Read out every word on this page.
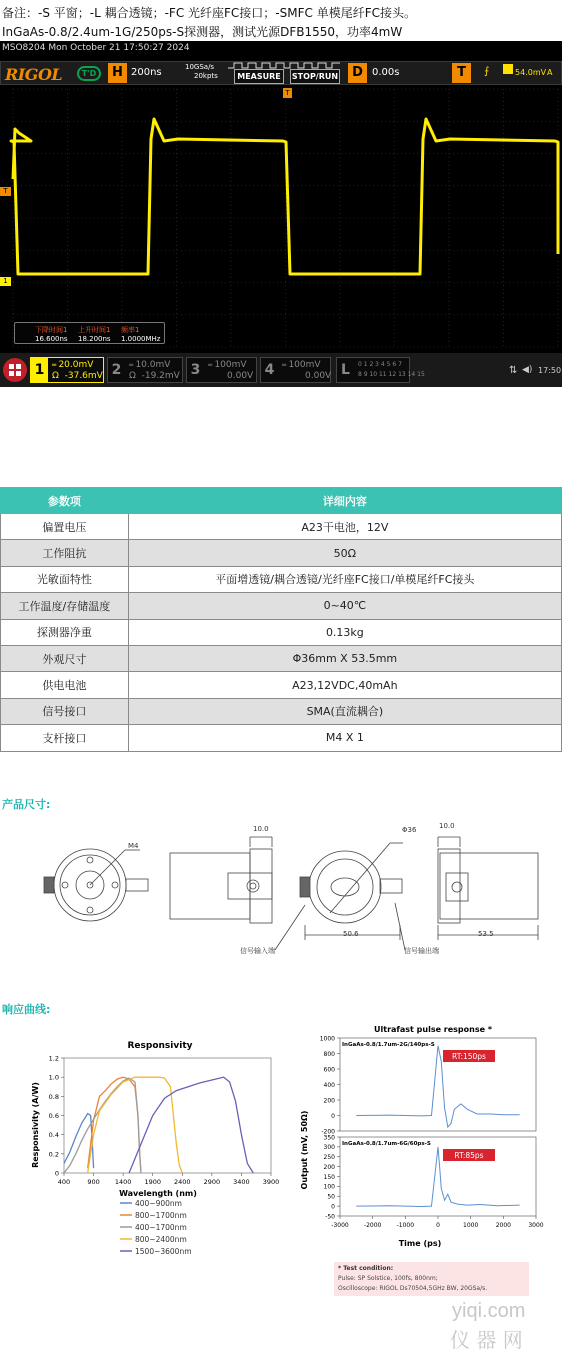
备注：-S 平窗；-L 耦合透镜；-FC 光纤座FC接口；-SMFC 单模尾纤FC接头。
InGaAs-0.8/2.4um-1G/250ps-S探测器，测试光源DFB1550，功率4mW
MSO8204 Mon October 21 17:50:27 2024
RIGOL	T'D	H 200ns	10GSa/s
20kpts	MEASURE	STOP/RUN	D 0.00s	T	⨍	54.0mV A
T
1
T
下降时间1
16.600ns
上升时间1
18.200ns
频率1
1.0000MHz
1	═ 20.0mV
Ω -37.6mV 2	═ 10.0mV
Ω -19.2mV 3	═ 100mV
0.00V 4	═ 100mV
0.00V L	0 1 2 3 4 5 6 7
8 9 10 11 12 13 14 15	⇅ ◀) 17:50
参数项	详细内容
偏置电压	A23干电池，12V
工作阻抗	50Ω
光敏面特性	平面增透镜/耦合透镜/光纤座FC接口/单模尾纤FC接头
工作温度/存储温度	0~40℃
探测器净重	0.13kg
外观尺寸	Φ36mm X 53.5mm
供电电池	A23,12VDC,40mAh
信号接口	SMA(直流耦合)
支杆接口	M4 X 1
产品尺寸:
M4
10.0	Φ36	10.0
50.6	53.5
信号输入端	信号输出端
响应曲线:
Responsivity
Responsivity (A/W)
Wavelength (nm)
400	900 1400 1900 2400 2900 3400 3900
0
0.2
0.4
0.6
0.8
1.0
1.2
400~900nm
800~1700nm
400~1700nm
800~2400nm
1500~3600nm
Ultrafast pulse response *
Output (mV, 50Ω)
Time (ps)
-200
0
200
400
600
800
1000
InGaAs-0.8/1.7um-2G/140ps-S
RT:150ps
-50
0
50
100
150
200
250
300
350
InGaAs-0.8/1.7um-6G/60ps-S
RT:85ps
-3000	-2000	-1000	0	1000	2000	3000
* Test condition:
Pulse: SP Solstice, 100fs, 800nm;
Oscilloscope: RIGOL Ds70504,5GHz BW, 20GSa/s.
yiqi.com
仪 器 网
